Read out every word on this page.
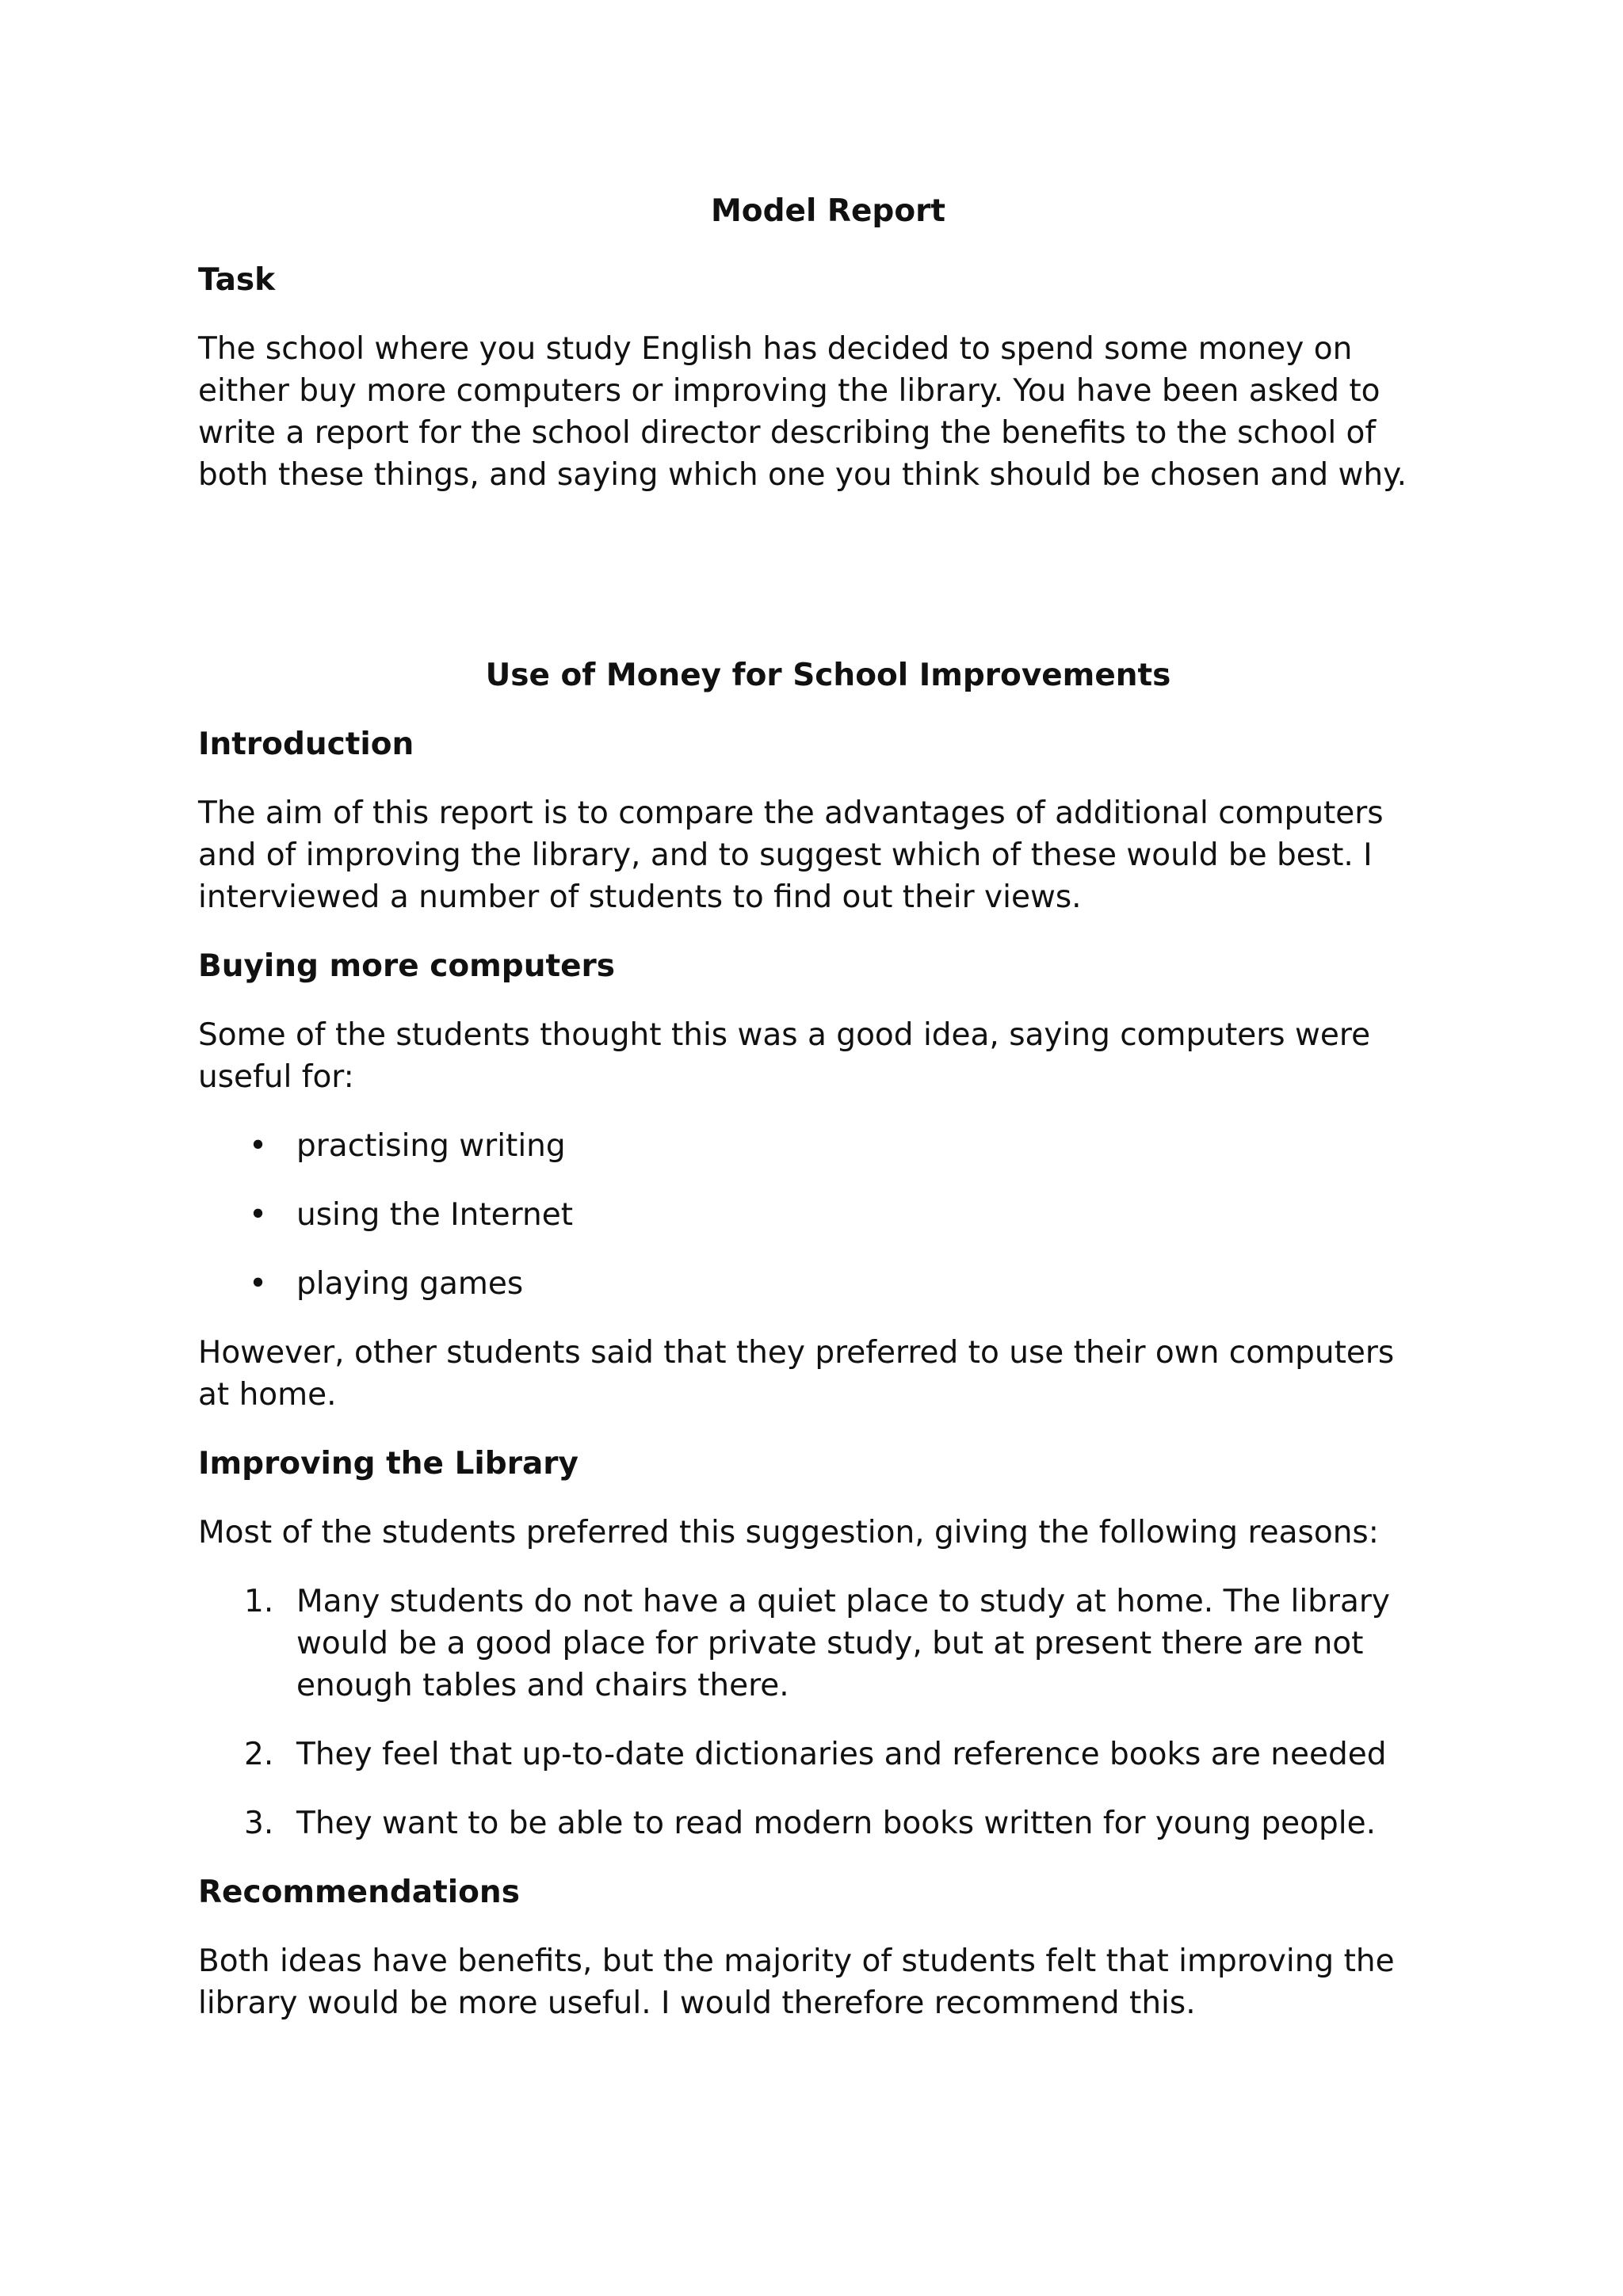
Model Report
Task

The school where you study English has decided to spend some money on either buy more computers or improving the library. You have been asked to write a report for the school director describing the benefits to the school of both these things, and saying which one you think should be chosen and why.

Use of Money for School Improvements
Introduction

The aim of this report is to compare the advantages of additional computers and of improving the library, and to suggest which of these would be best. I interviewed a number of students to find out their views.

Buying more computers

Some of the students thought this was a good idea, saying computers were useful for:

• practising writing
• using the Internet
• playing games

However, other students said that they preferred to use their own computers at home.

Improving the Library

Most of the students preferred this suggestion, giving the following reasons:

1. Many students do not have a quiet place to study at home. The library would be a good place for private study, but at present there are not enough tables and chairs there.
2. They feel that up-to-date dictionaries and reference books are needed
3. They want to be able to read modern books written for young people.
Recommendations

Both ideas have benefits, but the majority of students felt that improving the library would be more useful. I would therefore recommend this.
